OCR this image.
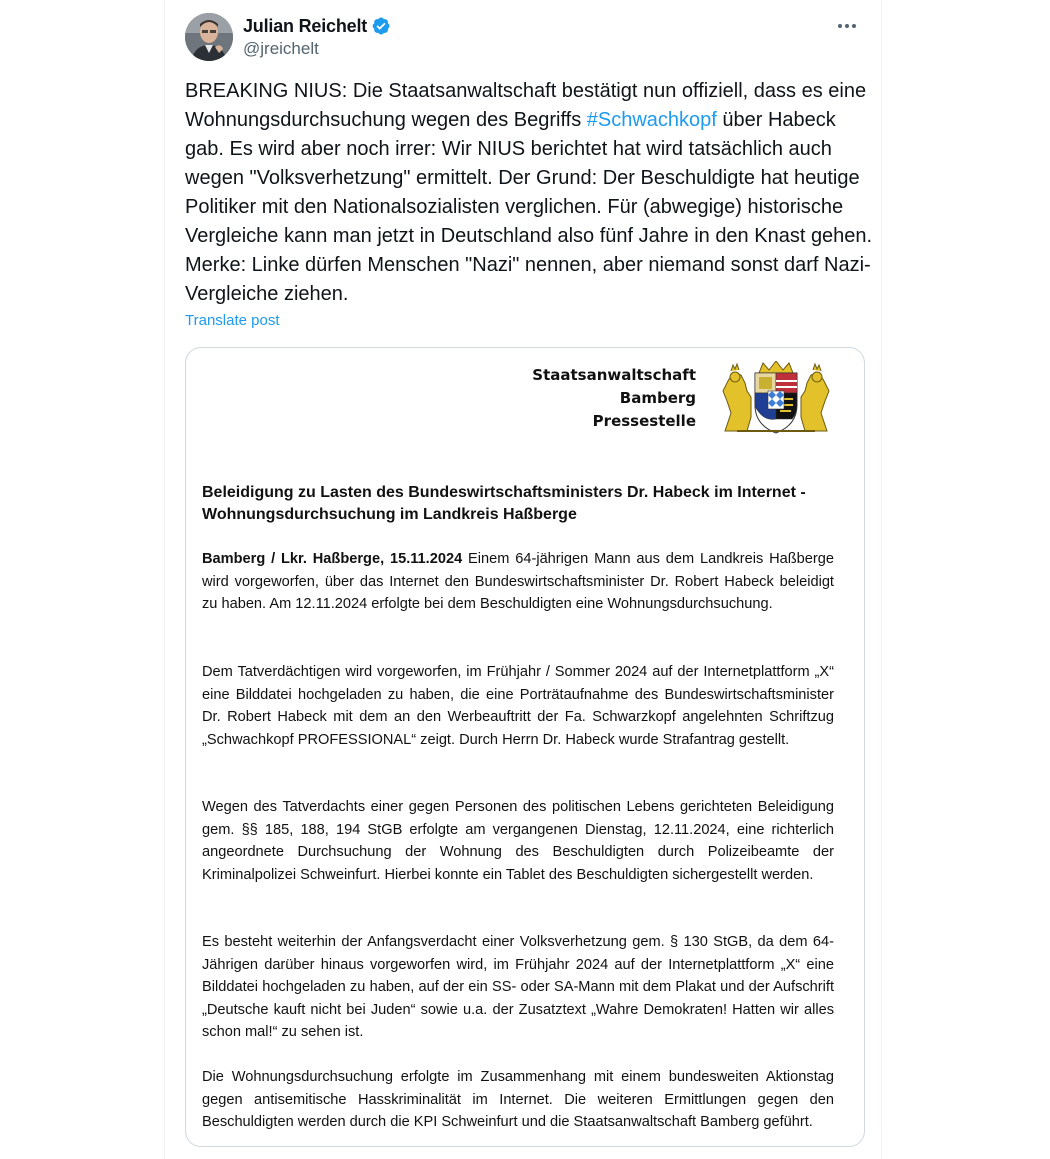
Julian Reichelt
@jreichelt

BREAKING NIUS: Die Staatsanwaltschaft bestätigt nun offiziell, dass es eine Wohnungsdurchsuchung wegen des Begriffs #Schwachkopf über Habeck gab. Es wird aber noch irrer: Wir NIUS berichtet hat wird tatsächlich auch wegen "Volksverhetzung" ermittelt. Der Grund: Der Beschuldigte hat heutige Politiker mit den Nationalsozialisten verglichen. Für (abwegige) historische Vergleiche kann man jetzt in Deutschland also fünf Jahre in den Knast gehen. Merke: Linke dürfen Menschen "Nazi" nennen, aber niemand sonst darf Nazi-Vergleiche ziehen.

Translate post
Staatsanwaltschaft
Bamberg
Pressestelle

Beleidigung zu Lasten des Bundeswirtschaftsministers Dr. Habeck im Internet - Wohnungsdurchsuchung im Landkreis Haßberge

Bamberg / Lkr. Haßberge, 15.11.2024 Einem 64-jährigen Mann aus dem Landkreis Haßberge wird vorgeworfen, über das Internet den Bundeswirtschaftsminister Dr. Robert Habeck beleidigt zu haben. Am 12.11.2024 erfolgte bei dem Beschuldigten eine Wohnungsdurchsuchung.

Dem Tatverdächtigen wird vorgeworfen, im Frühjahr / Sommer 2024 auf der Internetplattform „X“ eine Bilddatei hochgeladen zu haben, die eine Porträtaufnahme des Bundeswirtschaftsminister Dr. Robert Habeck mit dem an den Werbeauftritt der Fa. Schwarzkopf angelehnten Schriftzug „Schwachkopf PROFESSIONAL“ zeigt. Durch Herrn Dr. Habeck wurde Strafantrag gestellt.

Wegen des Tatverdachts einer gegen Personen des politischen Lebens gerichteten Beleidigung gem. §§ 185, 188, 194 StGB erfolgte am vergangenen Dienstag, 12.11.2024, eine richterlich angeordnete Durchsuchung der Wohnung des Beschuldigten durch Polizeibeamte der Kriminalpolizei Schweinfurt. Hierbei konnte ein Tablet des Beschuldigten sichergestellt werden.

Es besteht weiterhin der Anfangsverdacht einer Volksverhetzung gem. § 130 StGB, da dem 64-Jährigen darüber hinaus vorgeworfen wird, im Frühjahr 2024 auf der Internetplattform „X“ eine Bilddatei hochgeladen zu haben, auf der ein SS- oder SA-Mann mit dem Plakat und der Aufschrift „Deutsche kauft nicht bei Juden“ sowie u.a. der Zusatztext „Wahre Demokraten! Hatten wir alles schon mal!“ zu sehen ist.

Die Wohnungsdurchsuchung erfolgte im Zusammenhang mit einem bundesweiten Aktionstag gegen antisemitische Hasskriminalität im Internet. Die weiteren Ermittlungen gegen den Beschuldigten werden durch die KPI Schweinfurt und die Staatsanwaltschaft Bamberg geführt.
